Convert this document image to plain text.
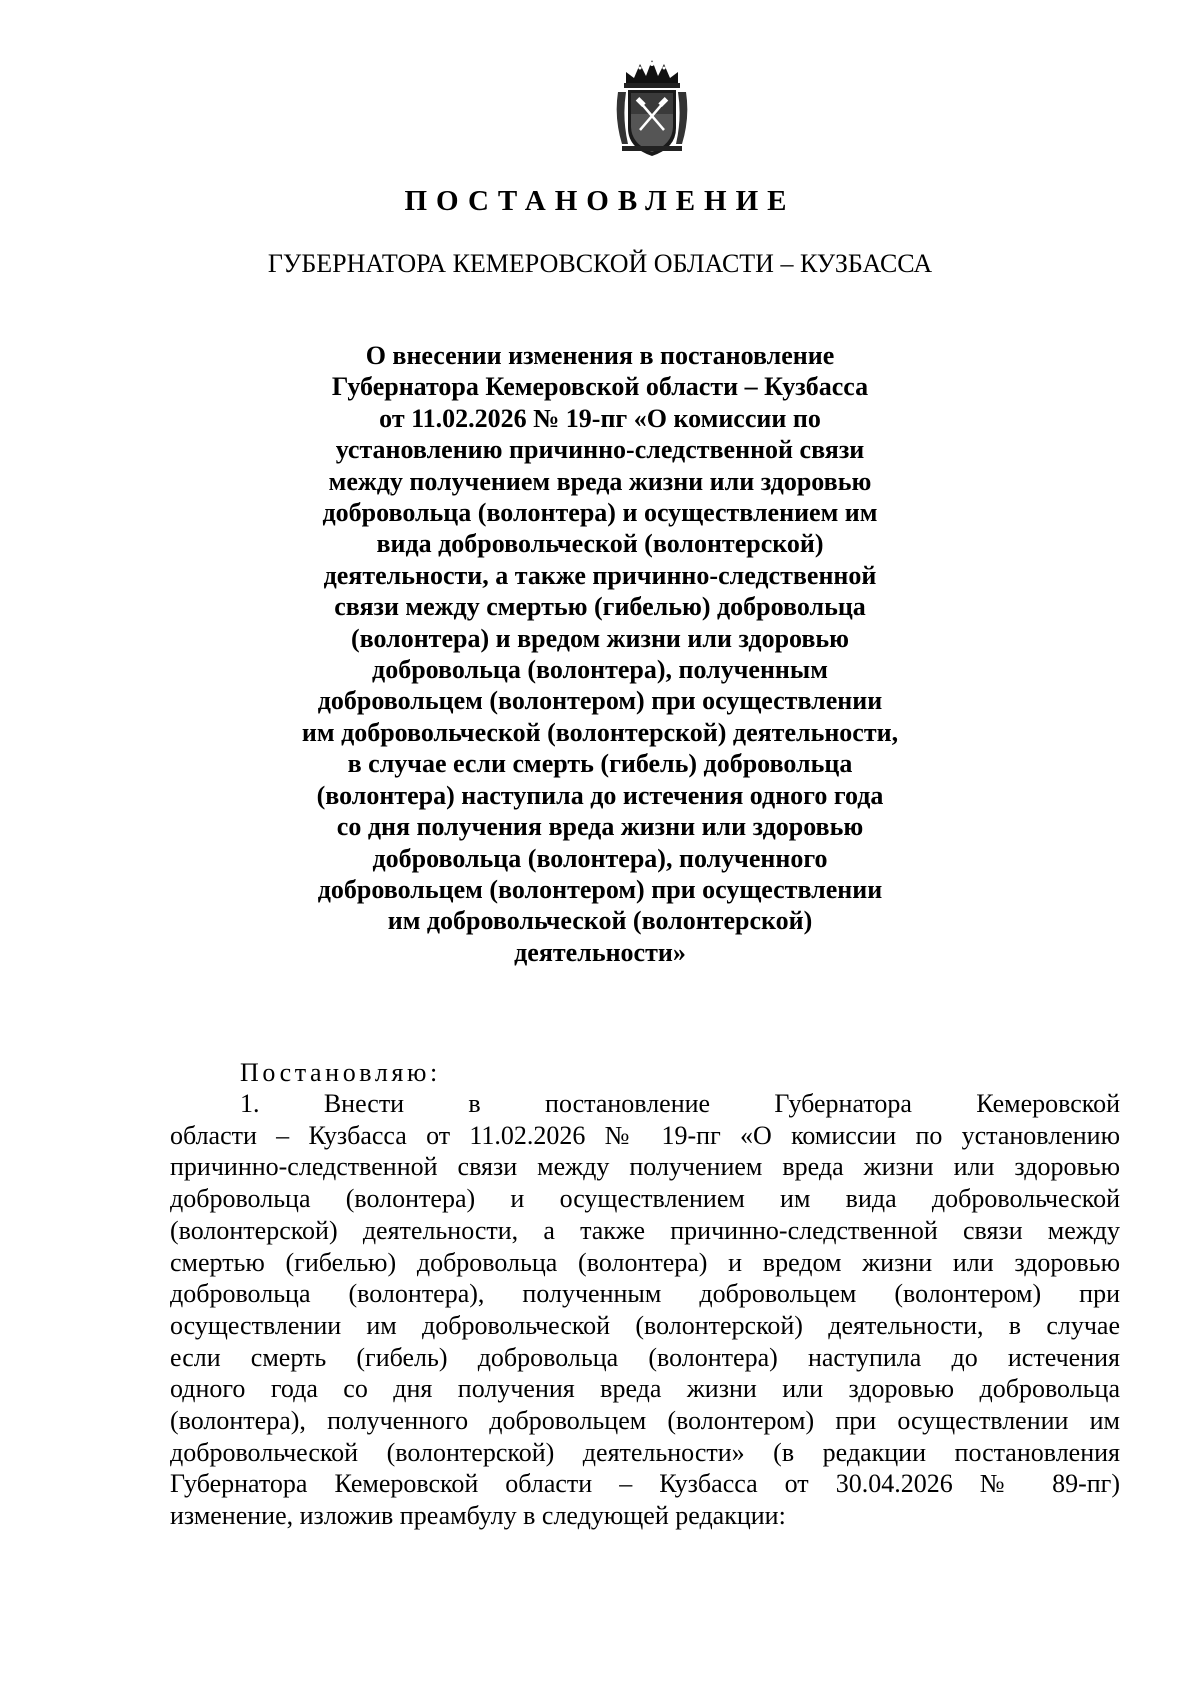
ПОСТАНОВЛЕНИЕ
ГУБЕРНАТОРА КЕМЕРОВСКОЙ ОБЛАСТИ – КУЗБАССА
О внесении изменения в постановление
Губернатора Кемеровской области – Кузбасса
от 11.02.2026 № 19-пг «О комиссии по
установлению причинно-следственной связи
между получением вреда жизни или здоровью
добровольца (волонтера) и осуществлением им
вида добровольческой (волонтерской)
деятельности, а также причинно-следственной
связи между смертью (гибелью) добровольца
(волонтера) и вредом жизни или здоровью
добровольца (волонтера), полученным
добровольцем (волонтером) при осуществлении
им добровольческой (волонтерской) деятельности,
в случае если смерть (гибель) добровольца
(волонтера) наступила до истечения одного года
со дня получения вреда жизни или здоровью
добровольца (волонтера), полученного
добровольцем (волонтером) при осуществлении
им добровольческой (волонтерской)
деятельности»
Постановляю:
1. Внести в постановление Губернатора Кемеровской
области – Кузбасса от 11.02.2026 № 19-пг «О комиссии по установлению
причинно-следственной связи между получением вреда жизни или здоровью
добровольца (волонтера) и осуществлением им вида добровольческой
(волонтерской) деятельности, а также причинно-следственной связи между
смертью (гибелью) добровольца (волонтера) и вредом жизни или здоровью
добровольца (волонтера), полученным добровольцем (волонтером) при
осуществлении им добровольческой (волонтерской) деятельности, в случае
если смерть (гибель) добровольца (волонтера) наступила до истечения
одного года со дня получения вреда жизни или здоровью добровольца
(волонтера), полученного добровольцем (волонтером) при осуществлении им
добровольческой (волонтерской) деятельности» (в редакции постановления
Губернатора Кемеровской области – Кузбасса от 30.04.2026 № 89-пг)
изменение, изложив преамбулу в следующей редакции:
